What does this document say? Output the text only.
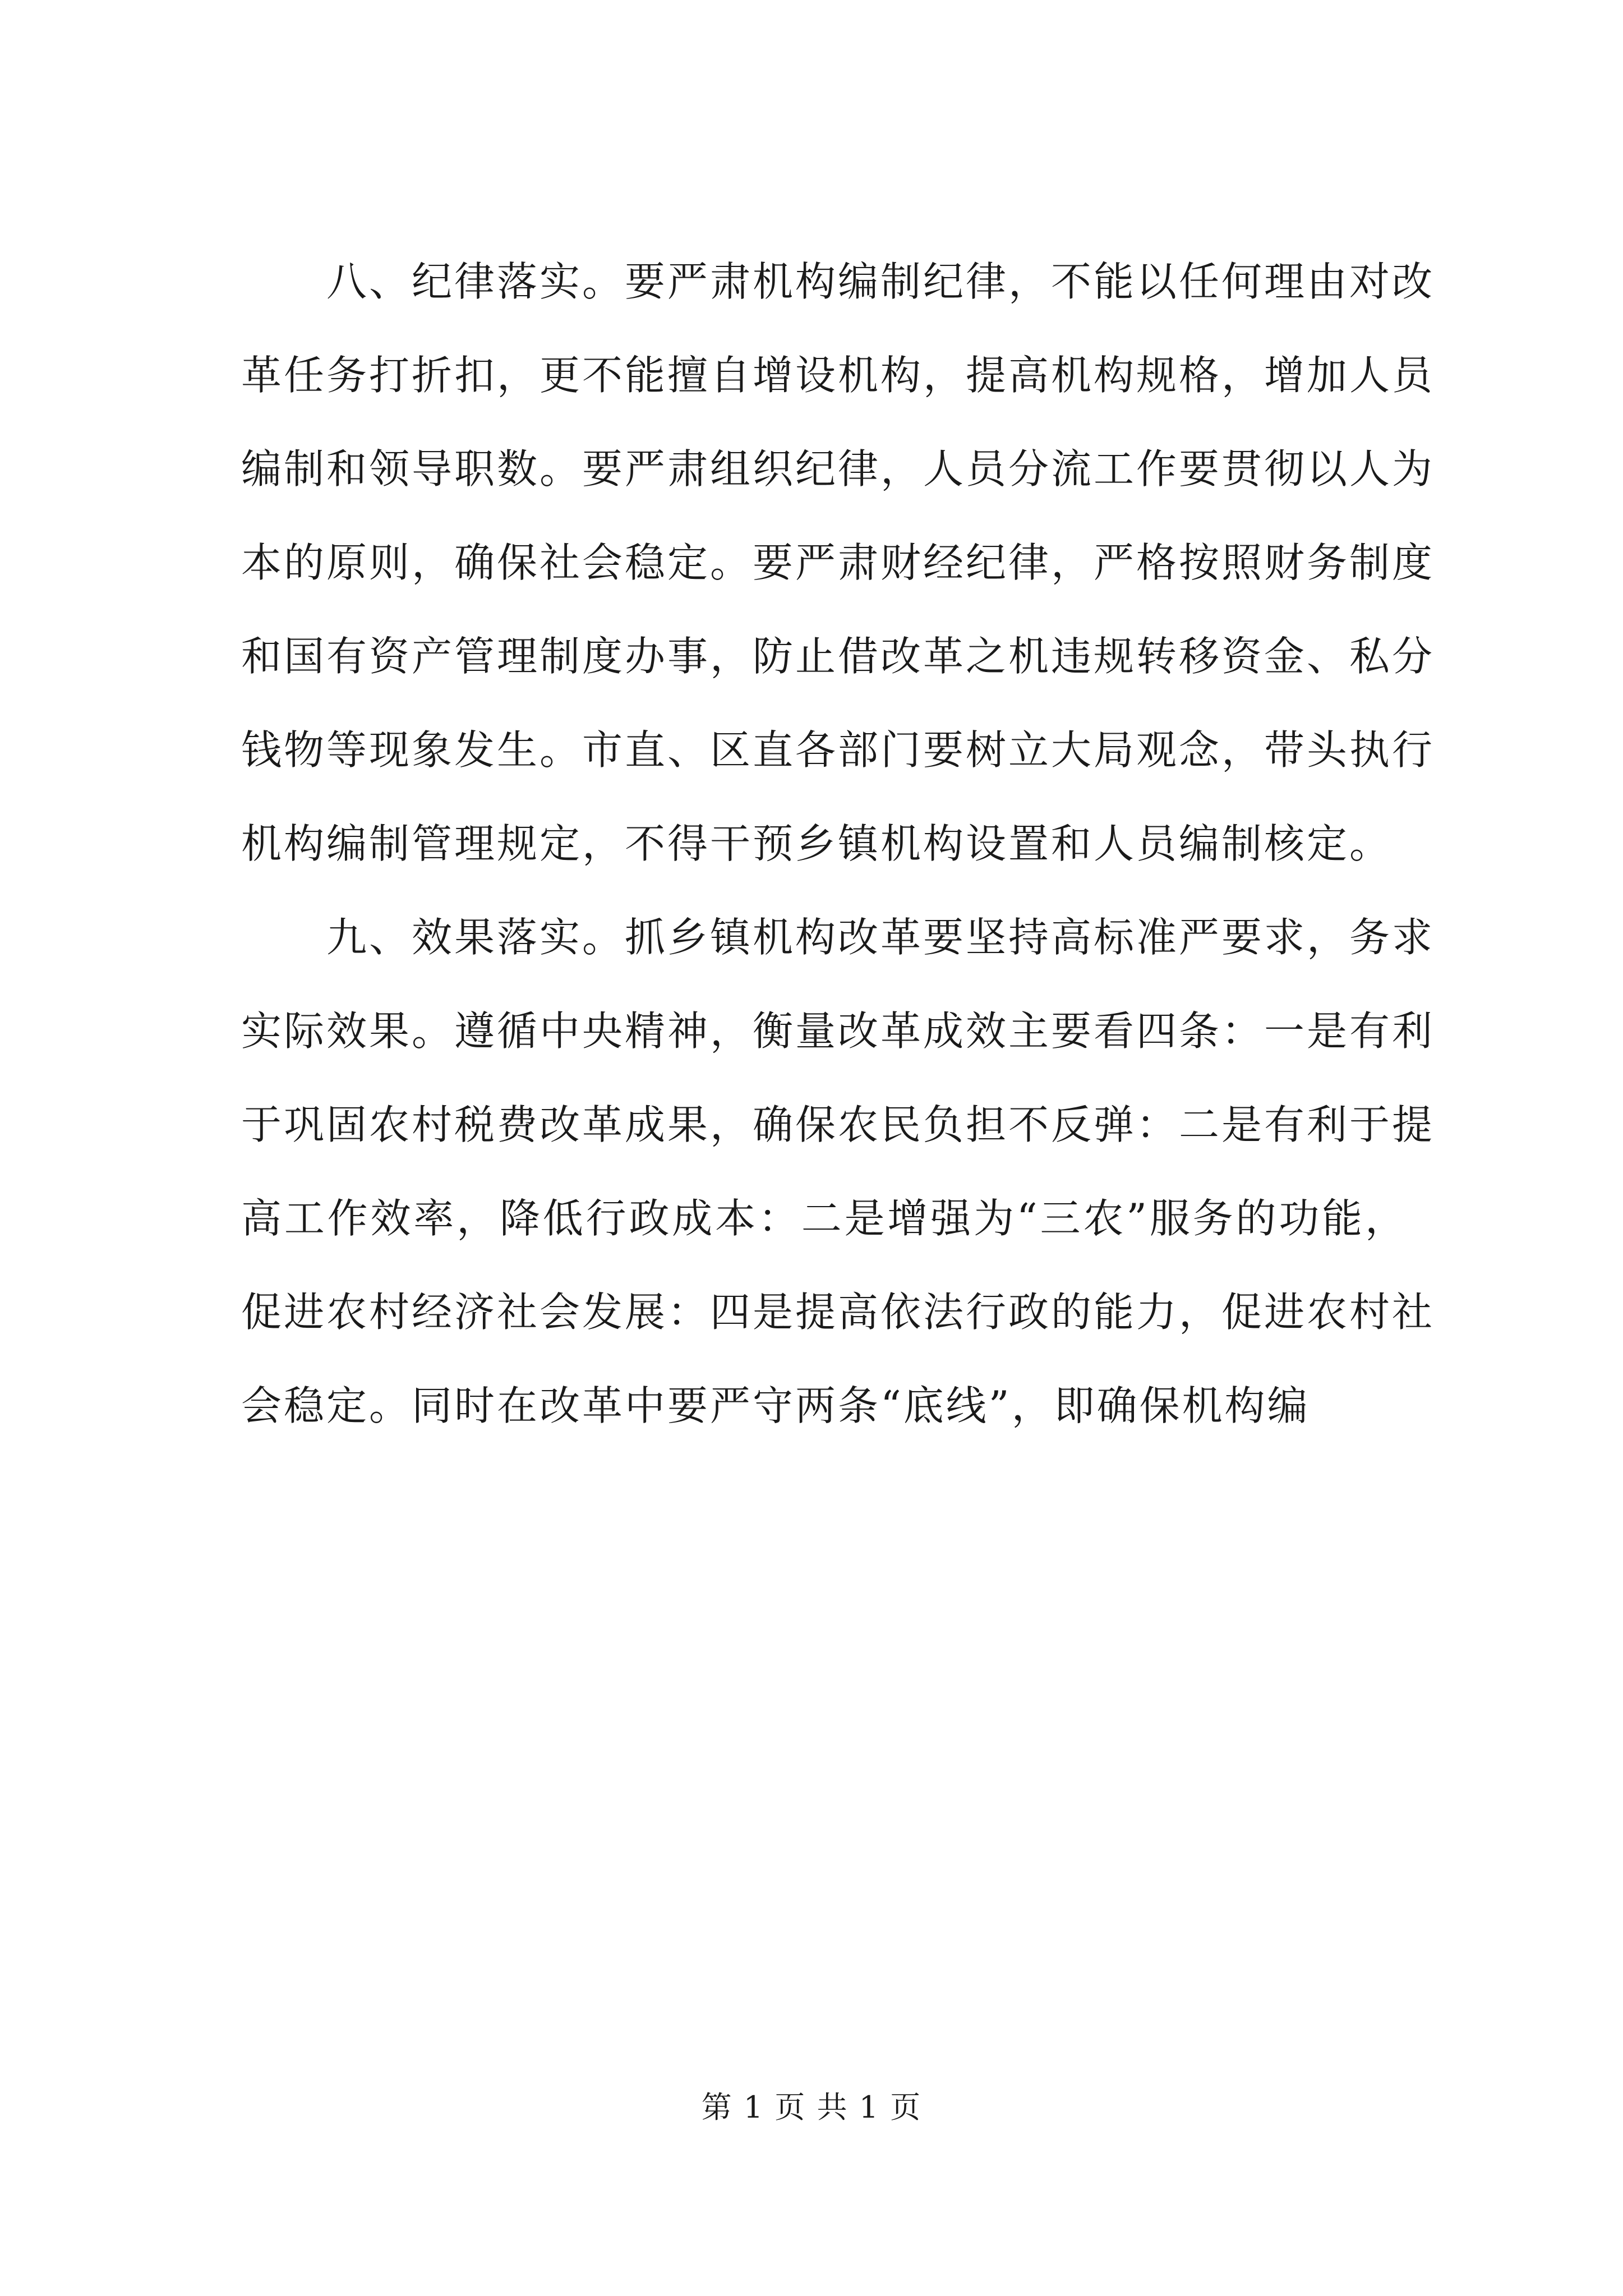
　　八、纪律落实。要严肃机构编制纪律，不能以任何理由对改
革任务打折扣，更不能擅自增设机构，提高机构规格，增加人员
编制和领导职数。要严肃组织纪律，人员分流工作要贯彻以人为
本的原则，确保社会稳定。要严肃财经纪律，严格按照财务制度
和国有资产管理制度办事，防止借改革之机违规转移资金、私分
钱物等现象发生。市直、区直各部门要树立大局观念，带头执行
机构编制管理规定，不得干预乡镇机构设置和人员编制核定。
　　九、效果落实。抓乡镇机构改革要坚持高标准严要求，务求
实际效果。遵循中央精神，衡量改革成效主要看四条：一是有利
于巩固农村税费改革成果，确保农民负担不反弹：二是有利于提
高工作效率，降低行政成本：二是增强为“三农”服务的功能，
促进农村经济社会发展：四是提高依法行政的能力，促进农村社
会稳定。同时在改革中要严守两条“底线”，即确保机构编
第 1 页 共 1 页
